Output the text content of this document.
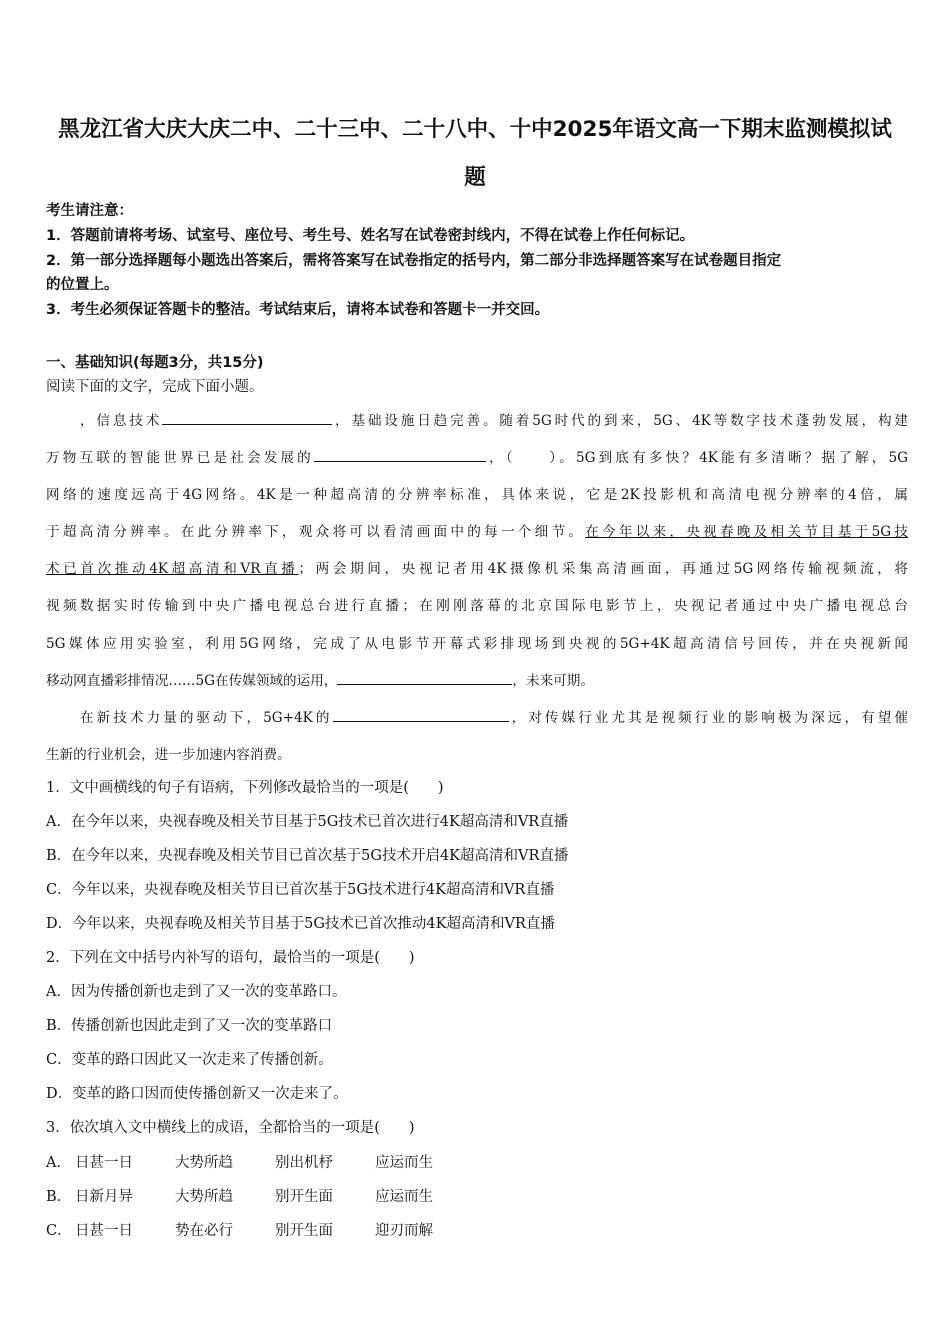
黑龙江省大庆大庆二中、二十三中、二十八中、十中2025年语文高一下期末监测模拟试
题
考生请注意：
1．答题前请将考场、试室号、座位号、考生号、姓名写在试卷密封线内，不得在试卷上作任何标记。
2．第一部分选择题每小题选出答案后，需将答案写在试卷指定的括号内，第二部分非选择题答案写在试卷题目指定
的位置上。
3．考生必须保证答题卡的整洁。考试结束后，请将本试卷和答题卡一并交回。
一、基础知识(每题3分，共15分)
阅读下面的文字，完成下面小题。
，信息技术	，基础设施日趋完善。随着5G时代的到来，5G、4K等数字技术蓬勃发展，构建
万物互联的智能世界已是社会发展的	，（　　）。5G到底有多快？4K能有多清晰？据了解，5G
网络的速度远高于4G网络。4K是一种超高清的分辨率标准，具体来说，它是2K投影机和高清电视分辨率的4倍，属
于超高清分辨率。在此分辨率下，观众将可以看清画面中的每一个细节。在今年以来，央视春晚及相关节目基于5G技
术已首次推动4K超高清和VR直播；两会期间，央视记者用4K摄像机采集高清画面，再通过5G网络传输视频流，将
视频数据实时传输到中央广播电视总台进行直播；在刚刚落幕的北京国际电影节上，央视记者通过中央广播电视总台
5G媒体应用实验室，利用5G网络，完成了从电影节开幕式彩排现场到央视的5G+4K超高清信号回传，并在央视新闻
移动网直播彩排情况……5G在传媒领域的运用，	，未来可期。
在新技术力量的驱动下，5G+4K的	，对传媒行业尤其是视频行业的影响极为深远，有望催
生新的行业机会，进一步加速内容消费。
1．文中画横线的句子有语病，下列修改最恰当的一项是(　　)
A．在今年以来，央视春晚及相关节目基于5G技术已首次进行4K超高清和VR直播
B．在今年以来，央视春晚及相关节目已首次基于5G技术开启4K超高清和VR直播
C．今年以来，央视春晚及相关节目已首次基于5G技术进行4K超高清和VR直播
D．今年以来，央视春晚及相关节目基于5G技术已首次推动4K超高清和VR直播
2．下列在文中括号内补写的语句，最恰当的一项是(　　)
A．因为传播创新也走到了又一次的变革路口。
B．传播创新也因此走到了又一次的变革路口
C．变革的路口因此又一次走来了传播创新。
D．变革的路口因而使传播创新又一次走来了。
3．依次填入文中横线上的成语，全都恰当的一项是(　　)
A． 日甚一日	大势所趋	别出机杼	应运而生
B． 日新月异	大势所趋	别开生面	应运而生
C． 日甚一日	势在必行	别开生面	迎刃而解
